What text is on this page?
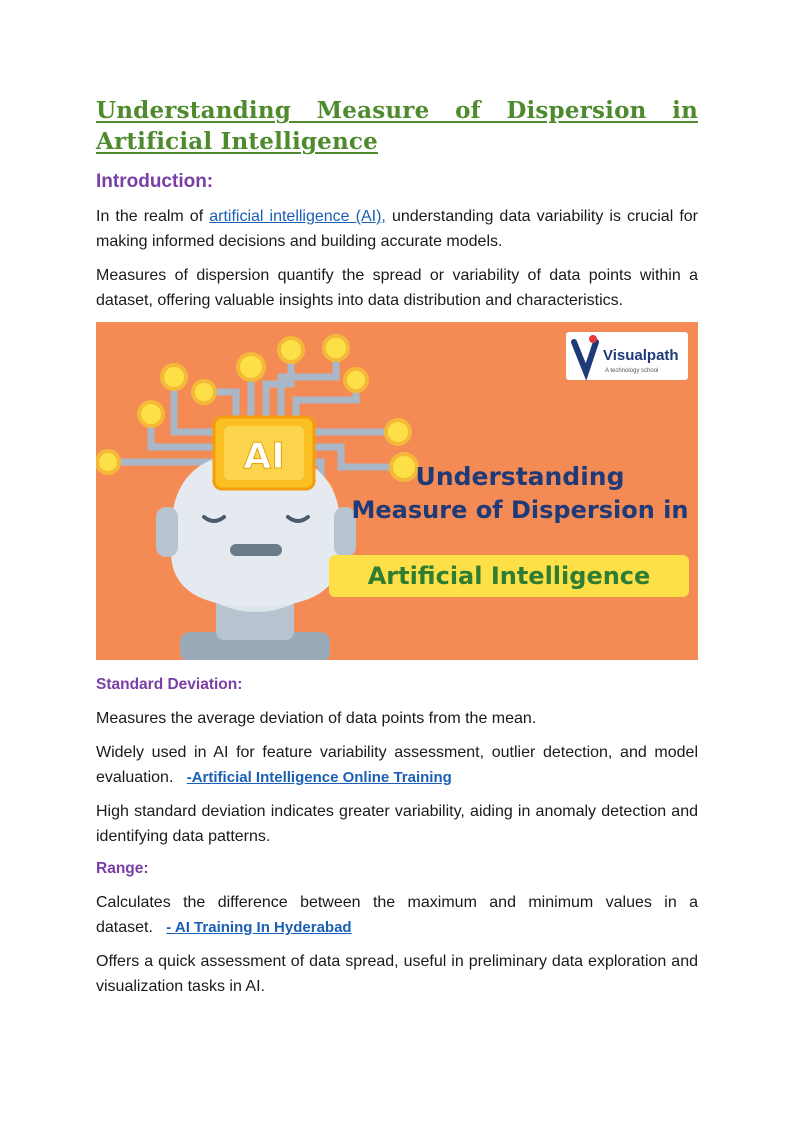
Understanding Measure of Dispersion in Artificial Intelligence
Introduction:

In the realm of artificial intelligence (AI), understanding data variability is crucial for making informed decisions and building accurate models.

Measures of dispersion quantify the spread or variability of data points within a dataset, offering valuable insights into data distribution and characteristics.

AI
Visualpath
A technology school
Understanding
Measure of Dispersion in
Artificial Intelligence
Standard Deviation:

Measures the average deviation of data points from the mean.

Widely used in AI for feature variability assessment, outlier detection, and model evaluation. -Artificial Intelligence Online Training

High standard deviation indicates greater variability, aiding in anomaly detection and identifying data patterns.

Range:

Calculates the difference between the maximum and minimum values in a dataset. - AI Training In Hyderabad

Offers a quick assessment of data spread, useful in preliminary data exploration and visualization tasks in AI.
